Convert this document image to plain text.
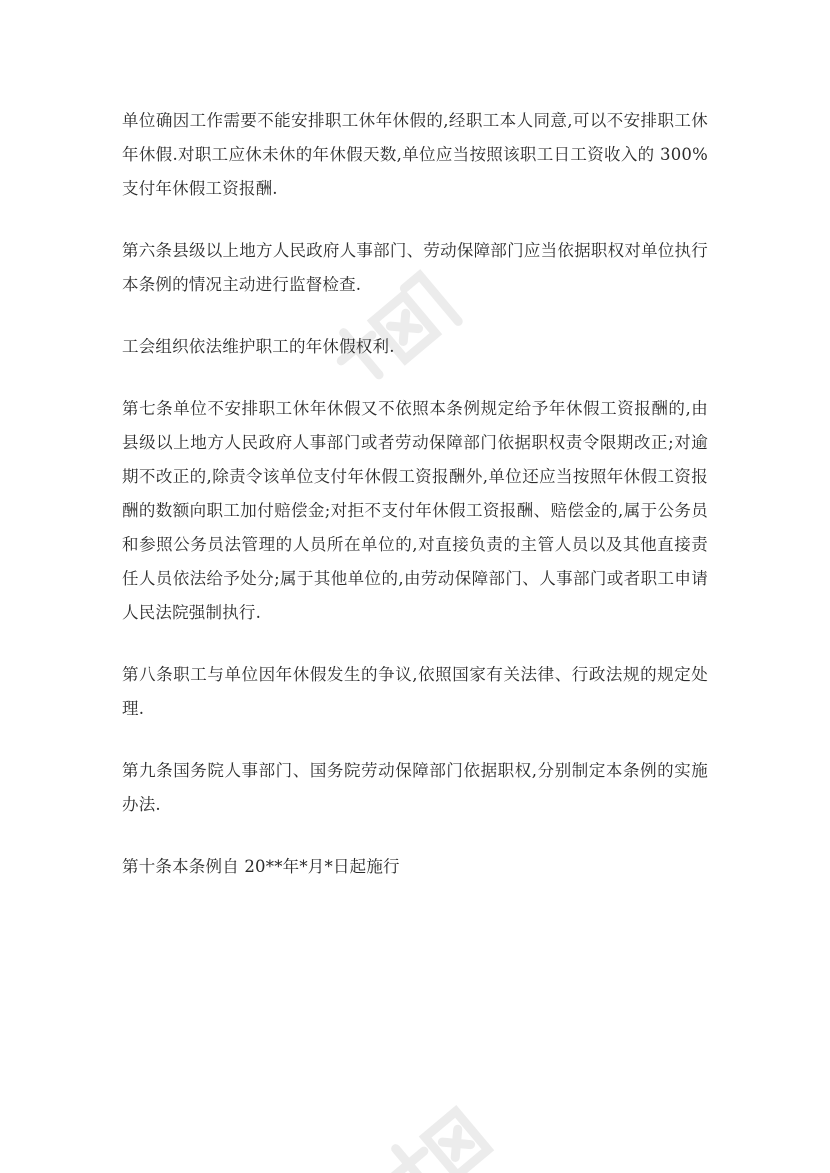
单位确因工作需要不能安排职工休年休假的,经职工本人同意,可以不安排职工休年休假.对职工应休未休的年休假天数,单位应当按照该职工日工资收入的 300%支付年休假工资报酬.

第六条县级以上地方人民政府人事部门、劳动保障部门应当依据职权对单位执行本条例的情况主动进行监督检查.

工会组织依法维护职工的年休假权利.

第七条单位不安排职工休年休假又不依照本条例规定给予年休假工资报酬的,由县级以上地方人民政府人事部门或者劳动保障部门依据职权责令限期改正;对逾期不改正的,除责令该单位支付年休假工资报酬外,单位还应当按照年休假工资报酬的数额向职工加付赔偿金;对拒不支付年休假工资报酬、赔偿金的,属于公务员和参照公务员法管理的人员所在单位的,对直接负责的主管人员以及其他直接责任人员依法给予处分;属于其他单位的,由劳动保障部门、人事部门或者职工申请人民法院强制执行.

第八条职工与单位因年休假发生的争议,依照国家有关法律、行政法规的规定处理.

第九条国务院人事部门、国务院劳动保障部门依据职权,分别制定本条例的实施办法.

第十条本条例自 20**年*月*日起施行
